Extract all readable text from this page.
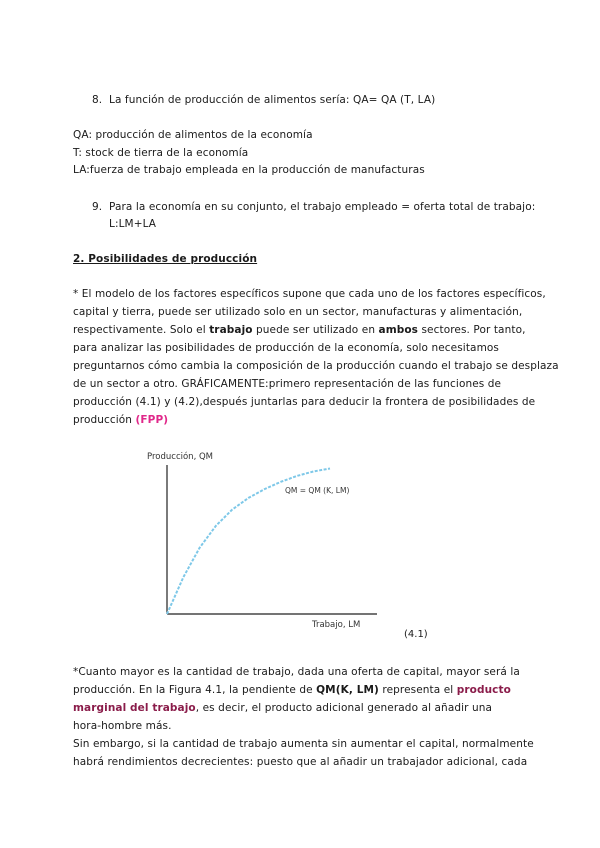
8. La función de producción de alimentos sería: QA= QA (T, LA)
QA: producción de alimentos de la economía
T: stock de tierra de la economía
LA:fuerza de trabajo empleada en la producción de manufacturas
9. Para la economía en su conjunto, el trabajo empleado = oferta total de trabajo:
L:LM+LA
2. Posibilidades de producción
* El modelo de los factores específicos supone que cada uno de los factores específicos,
capital y tierra, puede ser utilizado solo en un sector, manufacturas y alimentación,
respectivamente. Solo el trabajo puede ser utilizado en ambos sectores. Por tanto,
para analizar las posibilidades de producción de la economía, solo necesitamos
preguntarnos cómo cambia la composición de la producción cuando el trabajo se desplaza
de un sector a otro. GRÁFICAMENTE:primero representación de las funciones de
producción (4.1) y (4.2),después juntarlas para deducir la frontera de posibilidades de
producción (FPP)
Producción, QM
QM = QM (K, LM)
Trabajo, LM
(4.1)
*Cuanto mayor es la cantidad de trabajo, dada una oferta de capital, mayor será la
producción. En la Figura 4.1, la pendiente de QM(K, LM) representa el producto
marginal del trabajo, es decir, el producto adicional generado al añadir una
hora-hombre más.
Sin embargo, si la cantidad de trabajo aumenta sin aumentar el capital, normalmente
habrá rendimientos decrecientes: puesto que al añadir un trabajador adicional, cada
